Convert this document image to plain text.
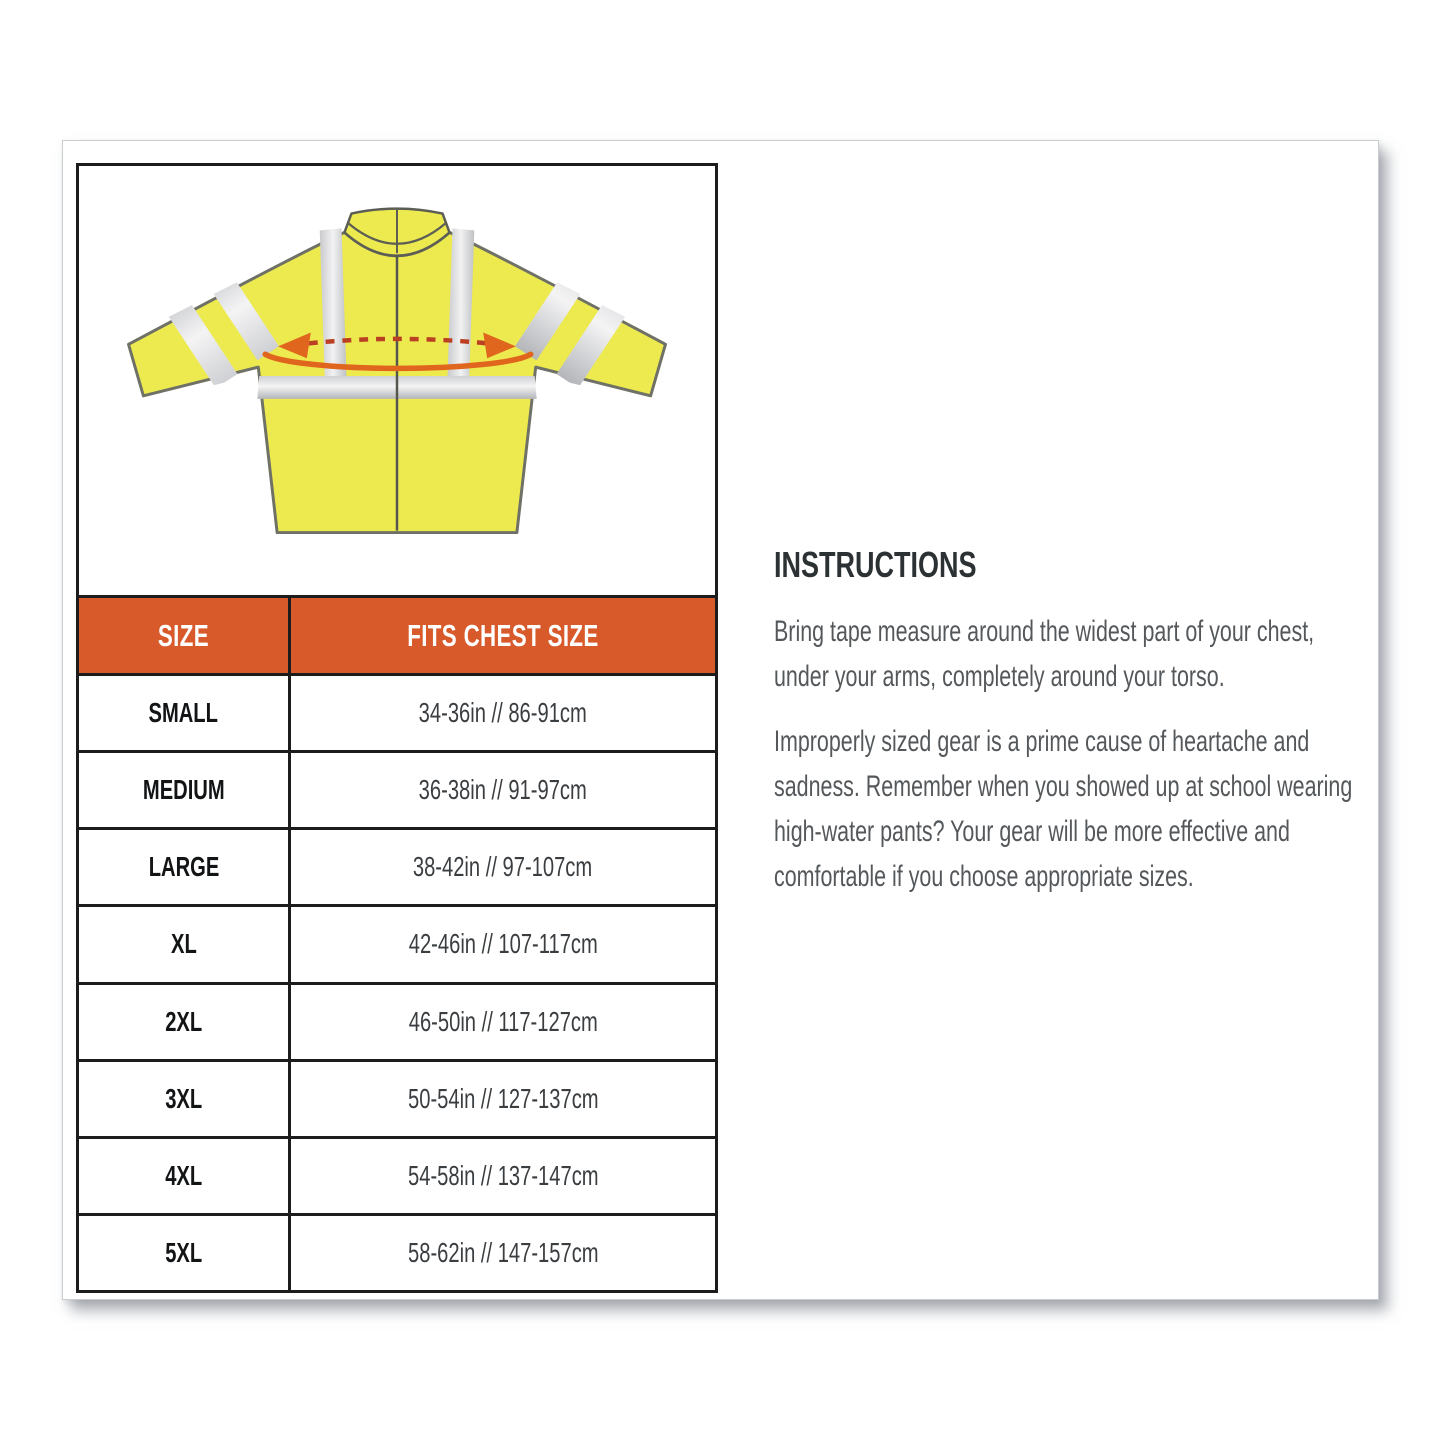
SIZE	FITS CHEST SIZE
SMALL	34-36in // 86-91cm
MEDIUM	36-38in // 91-97cm
LARGE	38-42in // 97-107cm
XL	42-46in // 107-117cm
2XL	46-50in // 117-127cm
3XL	50-54in // 127-137cm
4XL	54-58in // 137-147cm
5XL	58-62in // 147-157cm
INSTRUCTIONS

Bring tape measure around the widest part of your chest, under your arms, completely around your torso.

Improperly sized gear is a prime cause of heartache and sadness. Remember when you showed up at school wearing high-water pants? Your gear will be more effective and comfortable if you choose appropriate sizes.
